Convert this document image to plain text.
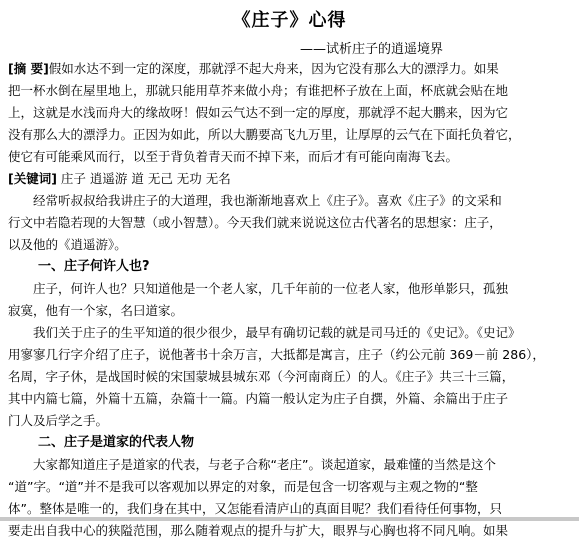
《庄子》心得
——试析庄子的逍遥境界
[摘 要]假如水达不到一定的深度，那就浮不起大舟来，因为它没有那么大的漂浮力。如果
把一杯水倒在屋里地上，那就只能用草芥来做小舟；有谁把杯子放在上面，杯底就会贴在地
上，这就是水浅而舟大的缘故呀！假如云气达不到一定的厚度，那就浮不起大鹏来，因为它
没有那么大的漂浮力。正因为如此，所以大鹏要高飞九万里，让厚厚的云气在下面托负着它，
使它有可能乘风而行，以至于背负着青天而不掉下来，而后才有可能向南海飞去。
[关键词] 庄子 逍遥游 道 无己 无功 无名
经常听叔叔给我讲庄子的大道理，我也渐渐地喜欢上《庄子》。喜欢《庄子》的文采和
行文中若隐若现的大智慧（或小智慧）。今天我们就来说说这位古代著名的思想家：庄子，
以及他的《逍遥游》。
一、庄子何许人也?
庄子，何许人也？只知道他是一个老人家，几千年前的一位老人家，他形单影只，孤独
寂寞，他有一个家，名曰道家。
我们关于庄子的生平知道的很少很少，最早有确切记载的就是司马迁的《史记》。《史记》
用寥寥几行字介绍了庄子，说他著书十余万言，大抵都是寓言，庄子（约公元前 369－前 286），
名周，字子休，是战国时候的宋国蒙城县城东邓（今河南商丘）的人。《庄子》共三十三篇，
其中内篇七篇，外篇十五篇，杂篇十一篇。内篇一般认定为庄子自撰，外篇、余篇出于庄子
门人及后学之手。
二、庄子是道家的代表人物
大家都知道庄子是道家的代表，与老子合称“老庄”。谈起道家，最难懂的当然是这个
“道”字。“道”并不是我可以客观加以界定的对象，而是包含一切客观与主观之物的“整
体”。整体是唯一的，我们身在其中，又怎能看清庐山的真面目呢？我们看待任何事物，只
要走出自我中心的狭隘范围，那么随着观点的提升与扩大，眼界与心胸也将不同凡响。如果
